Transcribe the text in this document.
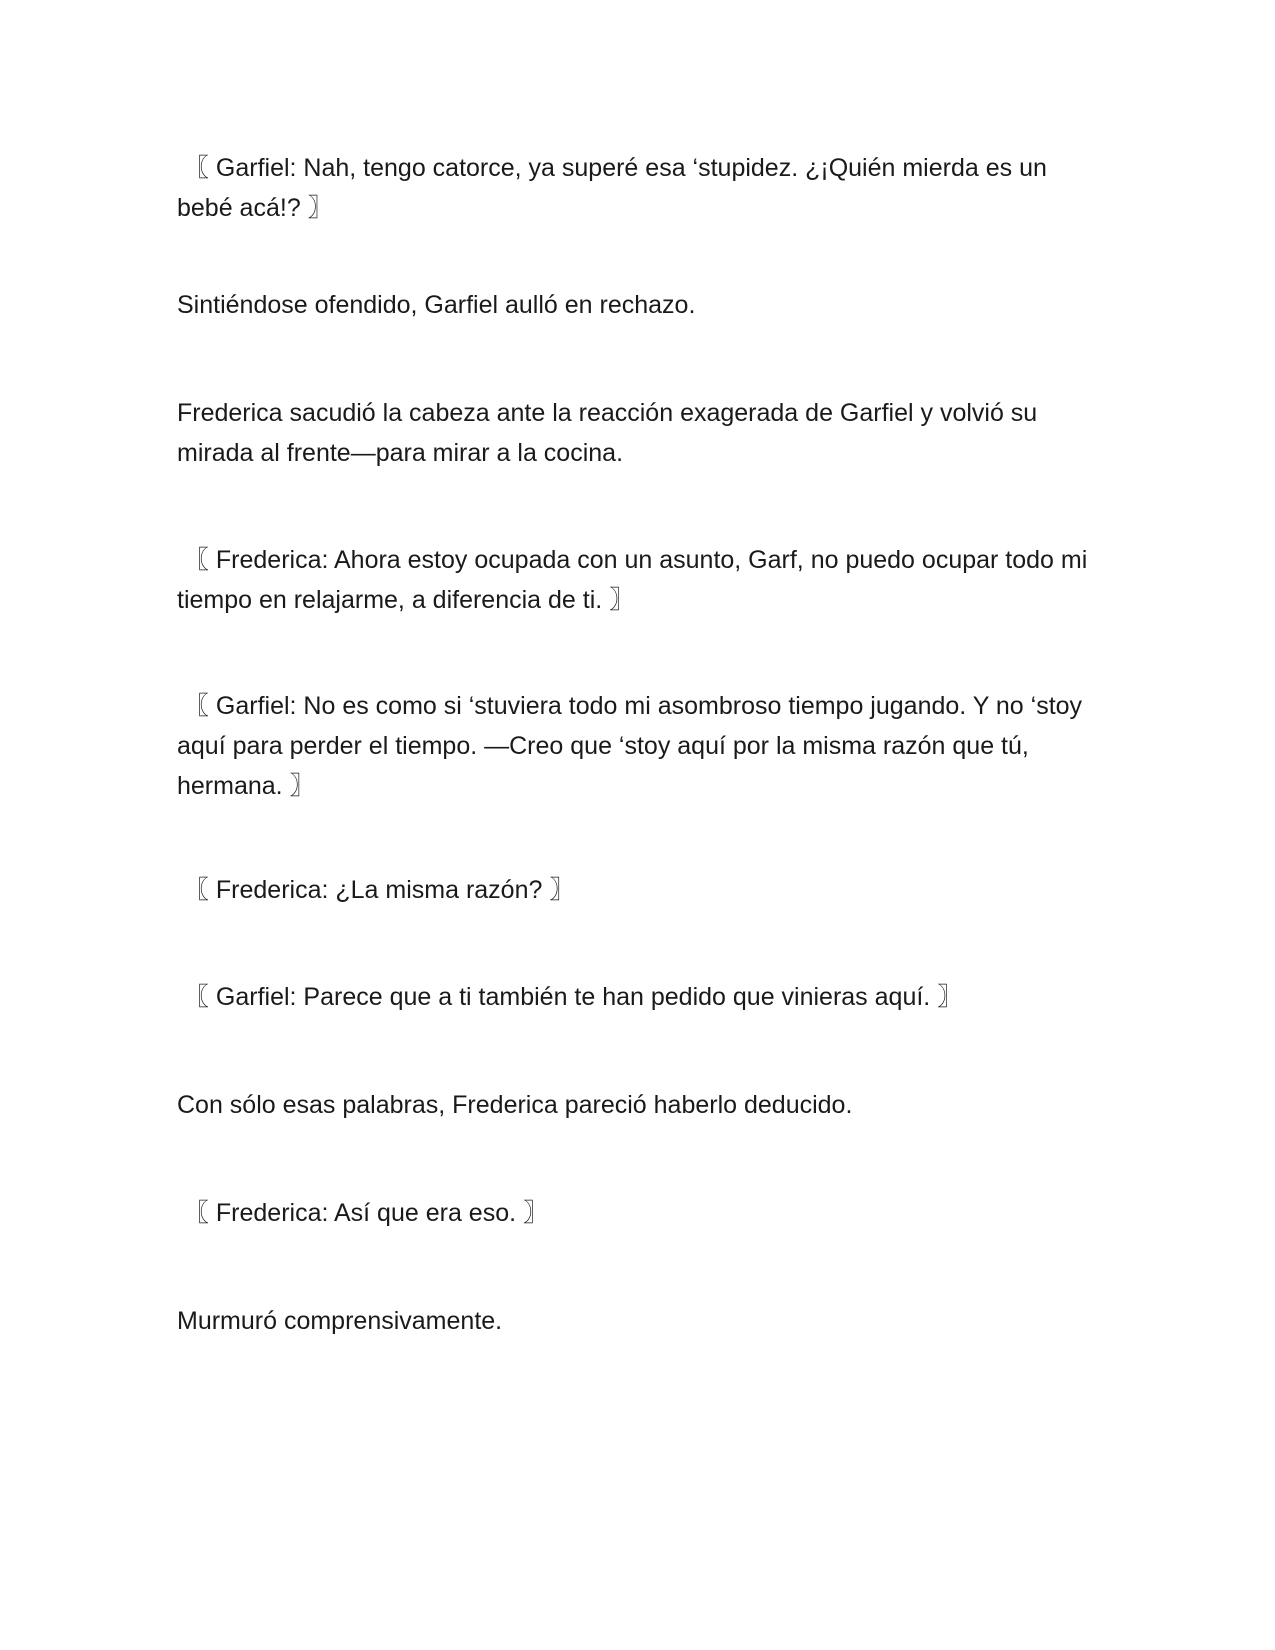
〖 Garfiel: Nah, tengo catorce, ya superé esa ‘stupidez. ¿¡Quién mierda es un bebé acá!? 〗

Sintiéndose ofendido, Garfiel aulló en rechazo.

Frederica sacudió la cabeza ante la reacción exagerada de Garfiel y volvió su mirada al frente—para mirar a la cocina.

〖 Frederica: Ahora estoy ocupada con un asunto, Garf, no puedo ocupar todo mi tiempo en relajarme, a diferencia de ti. 〗

〖 Garfiel: No es como si ‘stuviera todo mi asombroso tiempo jugando. Y no ‘stoy aquí para perder el tiempo. —Creo que ‘stoy aquí por la misma razón que tú, hermana. 〗

〖 Frederica: ¿La misma razón? 〗

〖 Garfiel: Parece que a ti también te han pedido que vinieras aquí. 〗

Con sólo esas palabras, Frederica pareció haberlo deducido.

〖 Frederica: Así que era eso. 〗

Murmuró comprensivamente.
